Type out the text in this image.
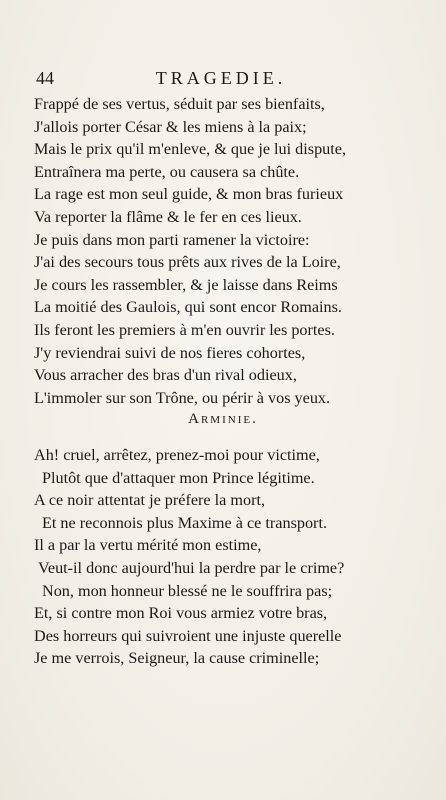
44	TRAGEDIE.
Frappé de ses vertus, séduit par ses bienfaits,
J'allois porter César & les miens à la paix;
Mais le prix qu'il m'enleve, & que je lui dispute,
Entraînera ma perte, ou causera sa chûte.
La rage est mon seul guide, & mon bras furieux
Va reporter la flâme & le fer en ces lieux.
Je puis dans mon parti ramener la victoire:
J'ai des secours tous prêts aux rives de la Loire,
Je cours les rassembler, & je laisse dans Reims
La moitié des Gaulois, qui sont encor Romains.
Ils feront les premiers à m'en ouvrir les portes.
J'y reviendrai suivi de nos fieres cohortes,
Vous arracher des bras d'un rival odieux,
L'immoler sur son Trône, ou périr à vos yeux.
Arminie.
Ah! cruel, arrêtez, prenez-moi pour victime,
Plutôt que d'attaquer mon Prince légitime.
A ce noir attentat je préfere la mort,
Et ne reconnois plus Maxime à ce transport.
Il a par la vertu mérité mon estime,
Veut-il donc aujourd'hui la perdre par le crime?
Non, mon honneur blessé ne le souffrira pas;
Et, si contre mon Roi vous armiez votre bras,
Des horreurs qui suivroient une injuste querelle
Je me verrois, Seigneur, la cause criminelle;
